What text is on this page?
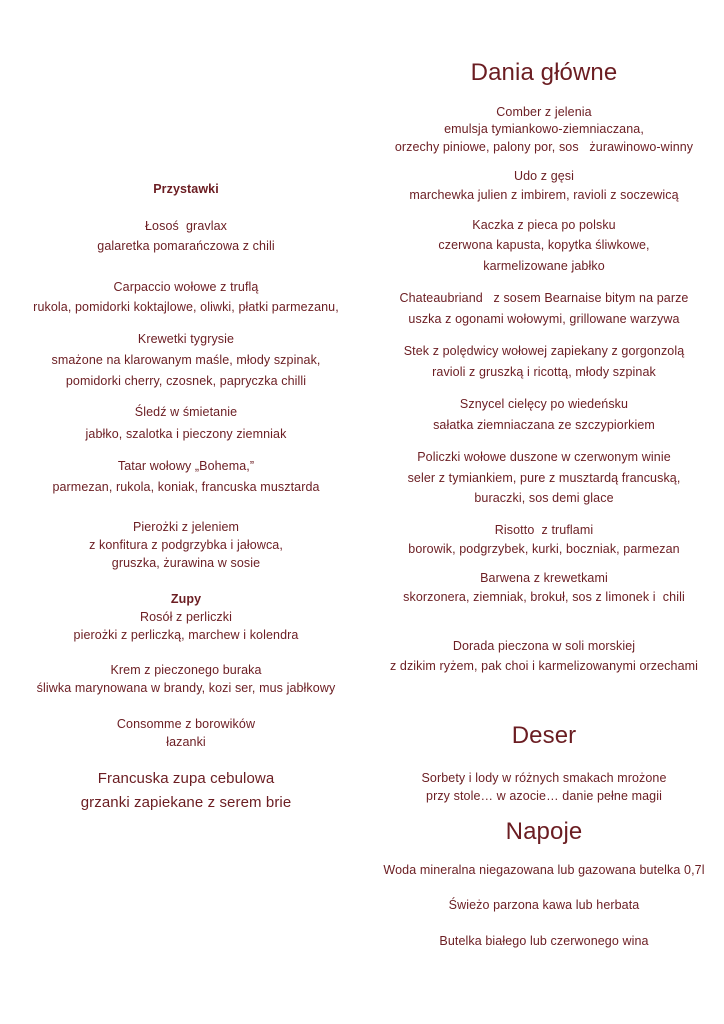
Przystawki
Łosoś  gravlax
galaretka pomarańczowa z chili
Carpaccio wołowe z truflą
rukola, pomidorki koktajlowe, oliwki, płatki parmezanu,
Krewetki tygrysie
smażone na klarowanym maśle, młody szpinak,
pomidorki cherry, czosnek, papryczka chilli
Śledź w śmietanie
jabłko, szalotka i pieczony ziemniak
Tatar wołowy „Bohema,”
parmezan, rukola, koniak, francuska musztarda
Pierożki z jeleniem
z konfitura z podgrzybka i jałowca,
gruszka, żurawina w sosie
Zupy
Rosół z perliczki
pierożki z perliczką, marchew i kolendra
Krem z pieczonego buraka
śliwka marynowana w brandy, kozi ser, mus jabłkowy
Consomme z borowików
łazanki
Francuska zupa cebulowa
grzanki zapiekane z serem brie
Dania główne
Comber z jelenia
emulsja tymiankowo-ziemniaczana,
orzechy piniowe, palony por, sos   żurawinowo-winny
Udo z gęsi
marchewka julien z imbirem, ravioli z soczewicą
Kaczka z pieca po polsku
czerwona kapusta, kopytka śliwkowe,
karmelizowane jabłko
Chateaubriand   z sosem Bearnaise bitym na parze
uszka z ogonami wołowymi, grillowane warzywa
Stek z polędwicy wołowej zapiekany z gorgonzolą
ravioli z gruszką i ricottą, młody szpinak
Sznycel cielęcy po wiedeńsku
sałatka ziemniaczana ze szczypiorkiem
Policzki wołowe duszone w czerwonym winie
seler z tymiankiem, pure z musztardą francuską,
buraczki, sos demi glace
Risotto  z truflami
borowik, podgrzybek, kurki, boczniak, parmezan
Barwena z krewetkami
skorzonera, ziemniak, brokuł, sos z limonek i  chili
Dorada pieczona w soli morskiej
z dzikim ryżem, pak choi i karmelizowanymi orzechami
Deser
Sorbety i lody w różnych smakach mrożone
przy stole… w azocie… danie pełne magii
Napoje
Woda mineralna niegazowana lub gazowana butelka 0,7l
Świeżo parzona kawa lub herbata
Butelka białego lub czerwonego wina
